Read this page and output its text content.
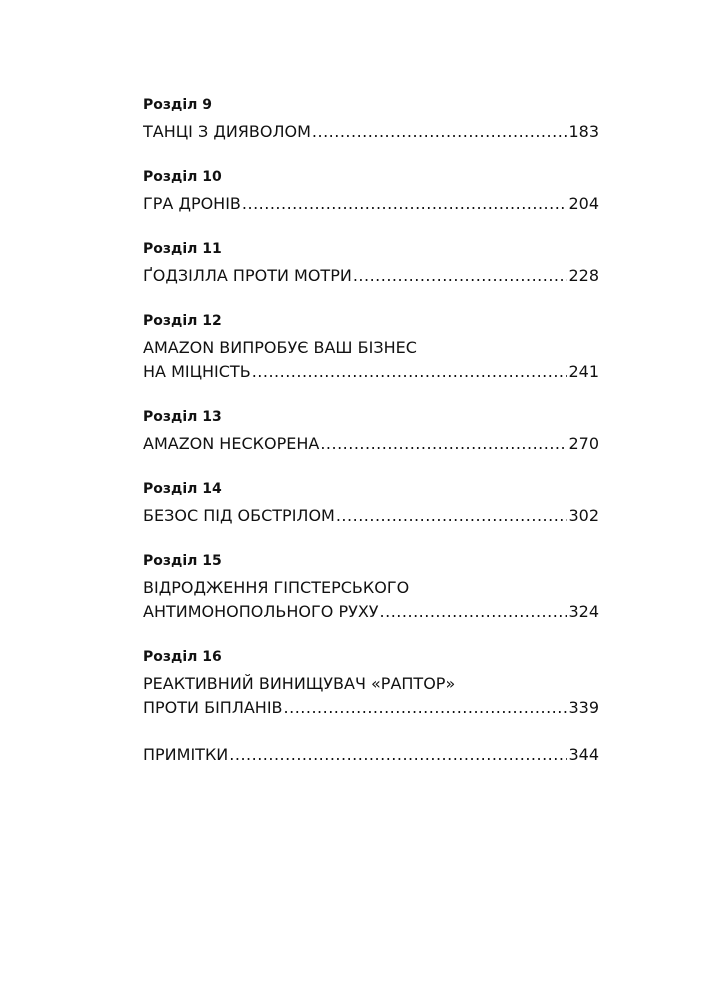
Розділ 9
ТАНЦІ З ДИЯВОЛОМ .....	183
Розділ 10
ГРА ДРОНІВ .....	204
Розділ 11
ҐОДЗІЛЛА ПРОТИ МОТРИ .....	228
Розділ 12
AMAZON ВИПРОБУЄ ВАШ БІЗНЕС
НА МІЦНІСТЬ .....	241
Розділ 13
AMAZON НЕСКОРЕНА .....	270
Розділ 14
БЕЗОС ПІД ОБСТРІЛОМ .....	302
Розділ 15
ВІДРОДЖЕННЯ ГІПСТЕРСЬКОГО
АНТИМОНОПОЛЬНОГО РУХУ .....	324
Розділ 16
РЕАКТИВНИЙ ВИНИЩУВАЧ «РАПТОР»
ПРОТИ БІПЛАНІВ .....	339
ПРИМІТКИ .....	344
